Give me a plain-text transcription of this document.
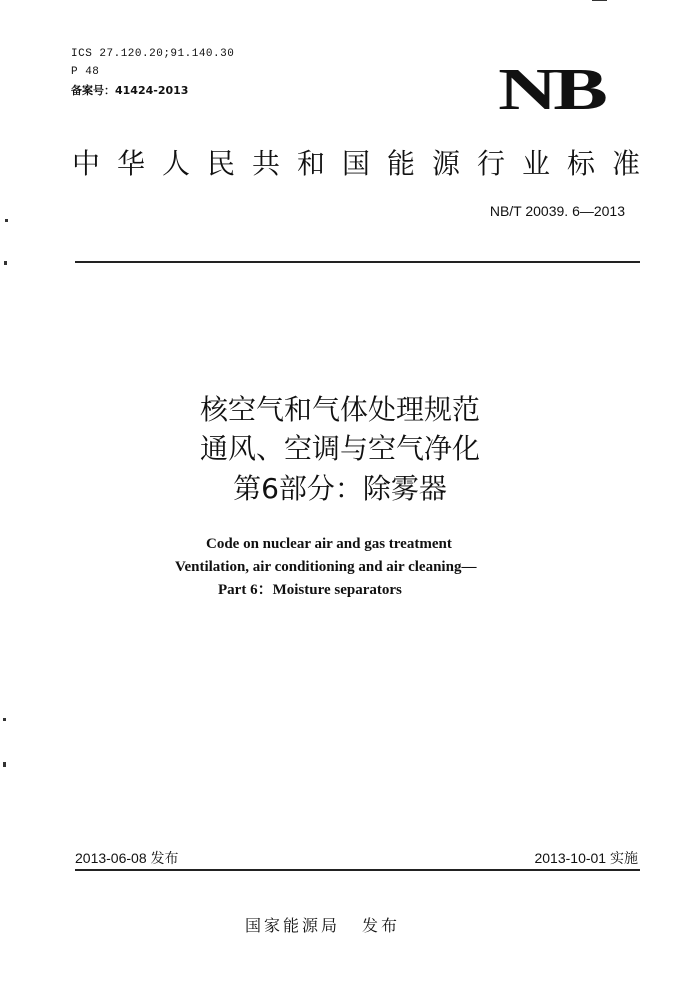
ICS 27.120.20;91.140.30
P 48
备案号：41424-2013	NB
中华人民共和国能源行业标准
NB/T 20039. 6—2013
核空气和气体处理规范
通风、空调与空气净化
第6部分：除雾器
Code on nuclear air and gas treatment
Ventilation, air conditioning and air cleaning—
Part 6：Moisture separators
2013-06-08 发布	2013-10-01 实施
国家能源局 发布
